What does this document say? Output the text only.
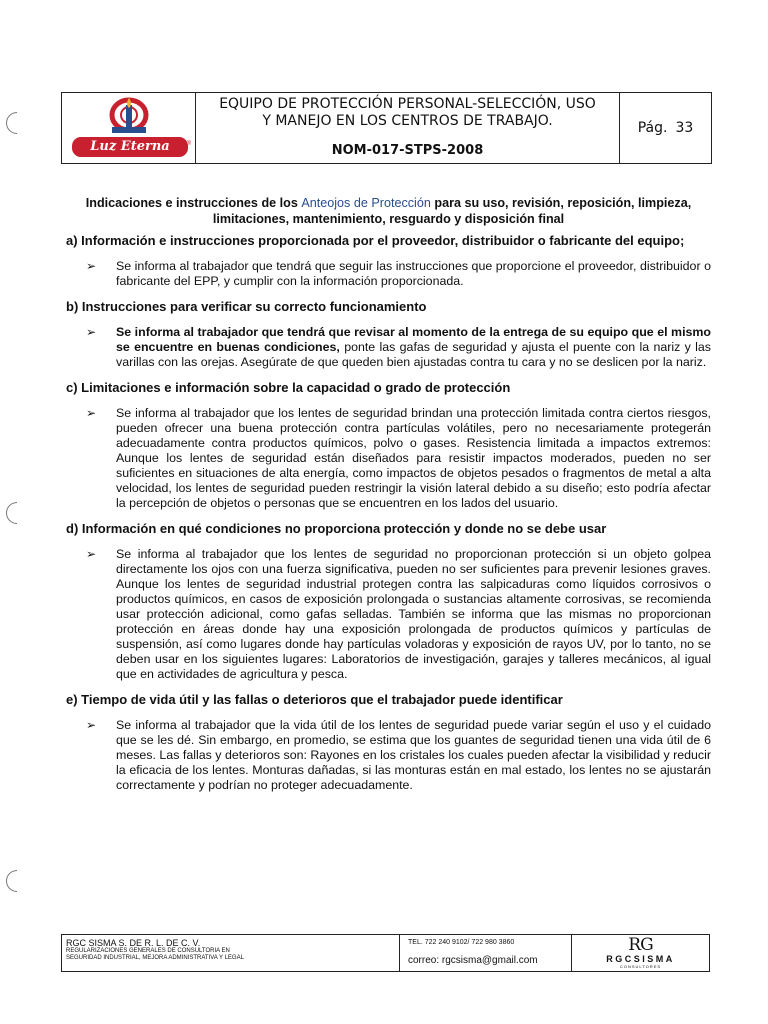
Luz Eterna	®
EQUIPO DE PROTECCIÓN PERSONAL-SELECCIÓN, USO
Y MANEJO EN LOS CENTROS DE TRABAJO.
NOM-017-STPS-2008
Pág. 33
Indicaciones e instrucciones de los Anteojos de Protección para su uso, revisión, reposición, limpieza, limitaciones, mantenimiento, resguardo y disposición final
a) Información e instrucciones proporcionada por el proveedor, distribuidor o fabricante del equipo;
➢	Se informa al trabajador que tendrá que seguir las instrucciones que proporcione el proveedor, distribuidor o fabricante del EPP, y cumplir con la información proporcionada.
b) Instrucciones para verificar su correcto funcionamiento
➢	Se informa al trabajador que tendrá que revisar al momento de la entrega de su equipo que el mismo se encuentre en buenas condiciones, ponte las gafas de seguridad y ajusta el puente con la nariz y las varillas con las orejas. Asegúrate de que queden bien ajustadas contra tu cara y no se deslicen por la nariz.
c) Limitaciones e información sobre la capacidad o grado de protección
➢	Se informa al trabajador que los lentes de seguridad brindan una protección limitada contra ciertos riesgos, pueden ofrecer una buena protección contra partículas volátiles, pero no necesariamente protegerán adecuadamente contra productos químicos, polvo o gases. Resistencia limitada a impactos extremos: Aunque los lentes de seguridad están diseñados para resistir impactos moderados, pueden no ser suficientes en situaciones de alta energía, como impactos de objetos pesados o fragmentos de metal a alta velocidad, los lentes de seguridad pueden restringir la visión lateral debido a su diseño; esto podría afectar la percepción de objetos o personas que se encuentren en los lados del usuario.
d) Información en qué condiciones no proporciona protección y donde no se debe usar
➢	Se informa al trabajador que los lentes de seguridad no proporcionan protección si un objeto golpea directamente los ojos con una fuerza significativa, pueden no ser suficientes para prevenir lesiones graves. Aunque los lentes de seguridad industrial protegen contra las salpicaduras como líquidos corrosivos o productos químicos, en casos de exposición prolongada o sustancias altamente corrosivas, se recomienda usar protección adicional, como gafas selladas. También se informa que las mismas no proporcionan protección en áreas donde hay una exposición prolongada de productos químicos y partículas de suspensión, así como lugares donde hay partículas voladoras y exposición de rayos UV, por lo tanto, no se deben usar en los siguientes lugares: Laboratorios de investigación, garajes y talleres mecánicos, al igual que en actividades de agricultura y pesca.
e) Tiempo de vida útil y las fallas o deterioros que el trabajador puede identificar
➢	Se informa al trabajador que la vida útil de los lentes de seguridad puede variar según el uso y el cuidado que se les dé. Sin embargo, en promedio, se estima que los guantes de seguridad tienen una vida útil de 6 meses. Las fallas y deterioros son: Rayones en los cristales los cuales pueden afectar la visibilidad y reducir la eficacia de los lentes. Monturas dañadas, si las monturas están en mal estado, los lentes no se ajustarán correctamente y podrían no proteger adecuadamente.
RGC SISMA S. DE R. L. DE C. V.
REGULARIZACIONES GENERALES DE CONSULTORIA EN
SEGURIDAD INDUSTRIAL, MEJORA ADMINISTRATIVA Y LEGAL
TEL. 722 240 9102/ 722 980 3860
correo: rgcsisma@gmail.com
RG
RGCSISMA
CONSULTORES
